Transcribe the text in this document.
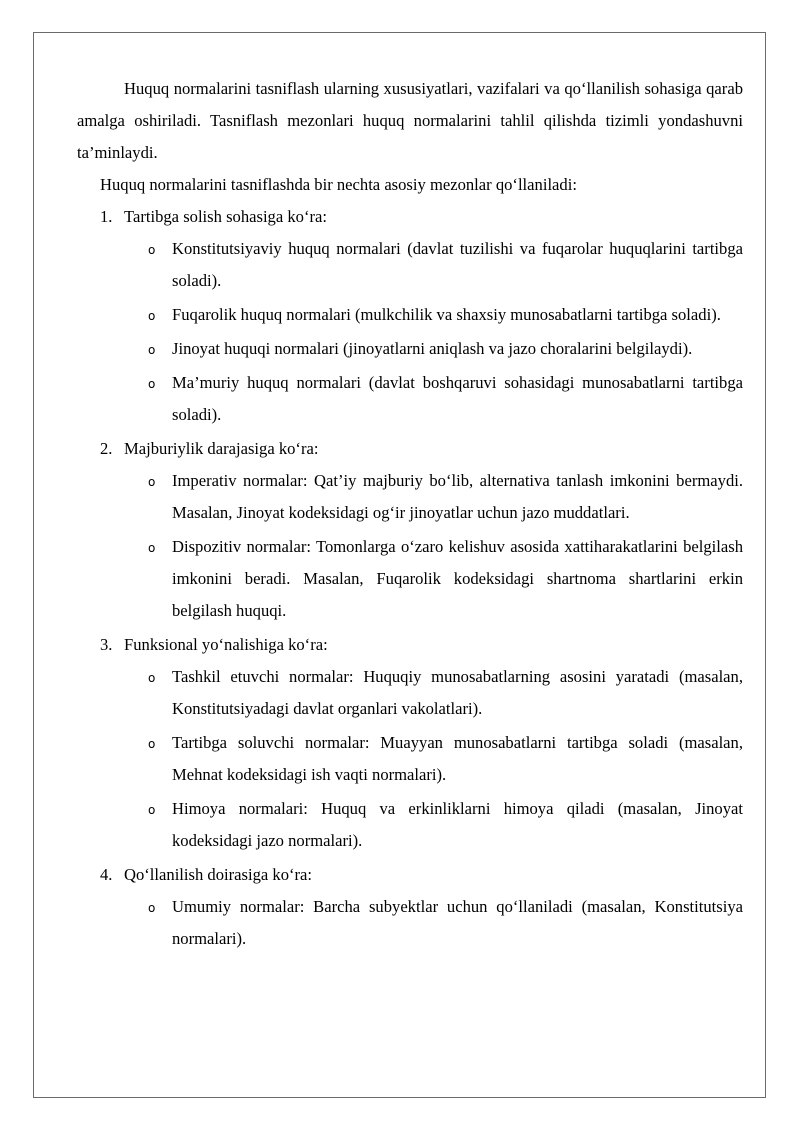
Huquq normalarini tasniflash ularning xususiyatlari, vazifalari va qo‘llanilish sohasiga qarab amalga oshiriladi. Tasniflash mezonlari huquq normalarini tahlil qilishda tizimli yondashuvni ta’minlaydi.

Huquq normalarini tasniflashda bir nechta asosiy mezonlar qo‘llaniladi:

1. Tartibga solish sohasiga ko‘ra:

o Konstitutsiyaviy huquq normalari (davlat tuzilishi va fuqarolar huquqlarini tartibga soladi).
o Fuqarolik huquq normalari (mulkchilik va shaxsiy munosabatlarni tartibga soladi).
o Jinoyat huquqi normalari (jinoyatlarni aniqlash va jazo choralarini belgilaydi).
o Ma’muriy huquq normalari (davlat boshqaruvi sohasidagi munosabatlarni tartibga soladi).

2. Majburiylik darajasiga ko‘ra:

o Imperativ normalar: Qat’iy majburiy bo‘lib, alternativa tanlash imkonini bermaydi. Masalan, Jinoyat kodeksidagi og‘ir jinoyatlar uchun jazo muddatlari.
o Dispozitiv normalar: Tomonlarga o‘zaro kelishuv asosida xattiharakatlarini belgilash imkonini beradi. Masalan, Fuqarolik kodeksidagi shartnoma shartlarini erkin belgilash huquqi.

3. Funksional yo‘nalishiga ko‘ra:

o Tashkil etuvchi normalar: Huquqiy munosabatlarning asosini yaratadi (masalan, Konstitutsiyadagi davlat organlari vakolatlari).
o Tartibga soluvchi normalar: Muayyan munosabatlarni tartibga soladi (masalan, Mehnat kodeksidagi ish vaqti normalari).
o Himoya normalari: Huquq va erkinliklarni himoya qiladi (masalan, Jinoyat kodeksidagi jazo normalari).

4. Qo‘llanilish doirasiga ko‘ra:

o Umumiy normalar: Barcha subyektlar uchun qo‘llaniladi (masalan, Konstitutsiya normalari).
